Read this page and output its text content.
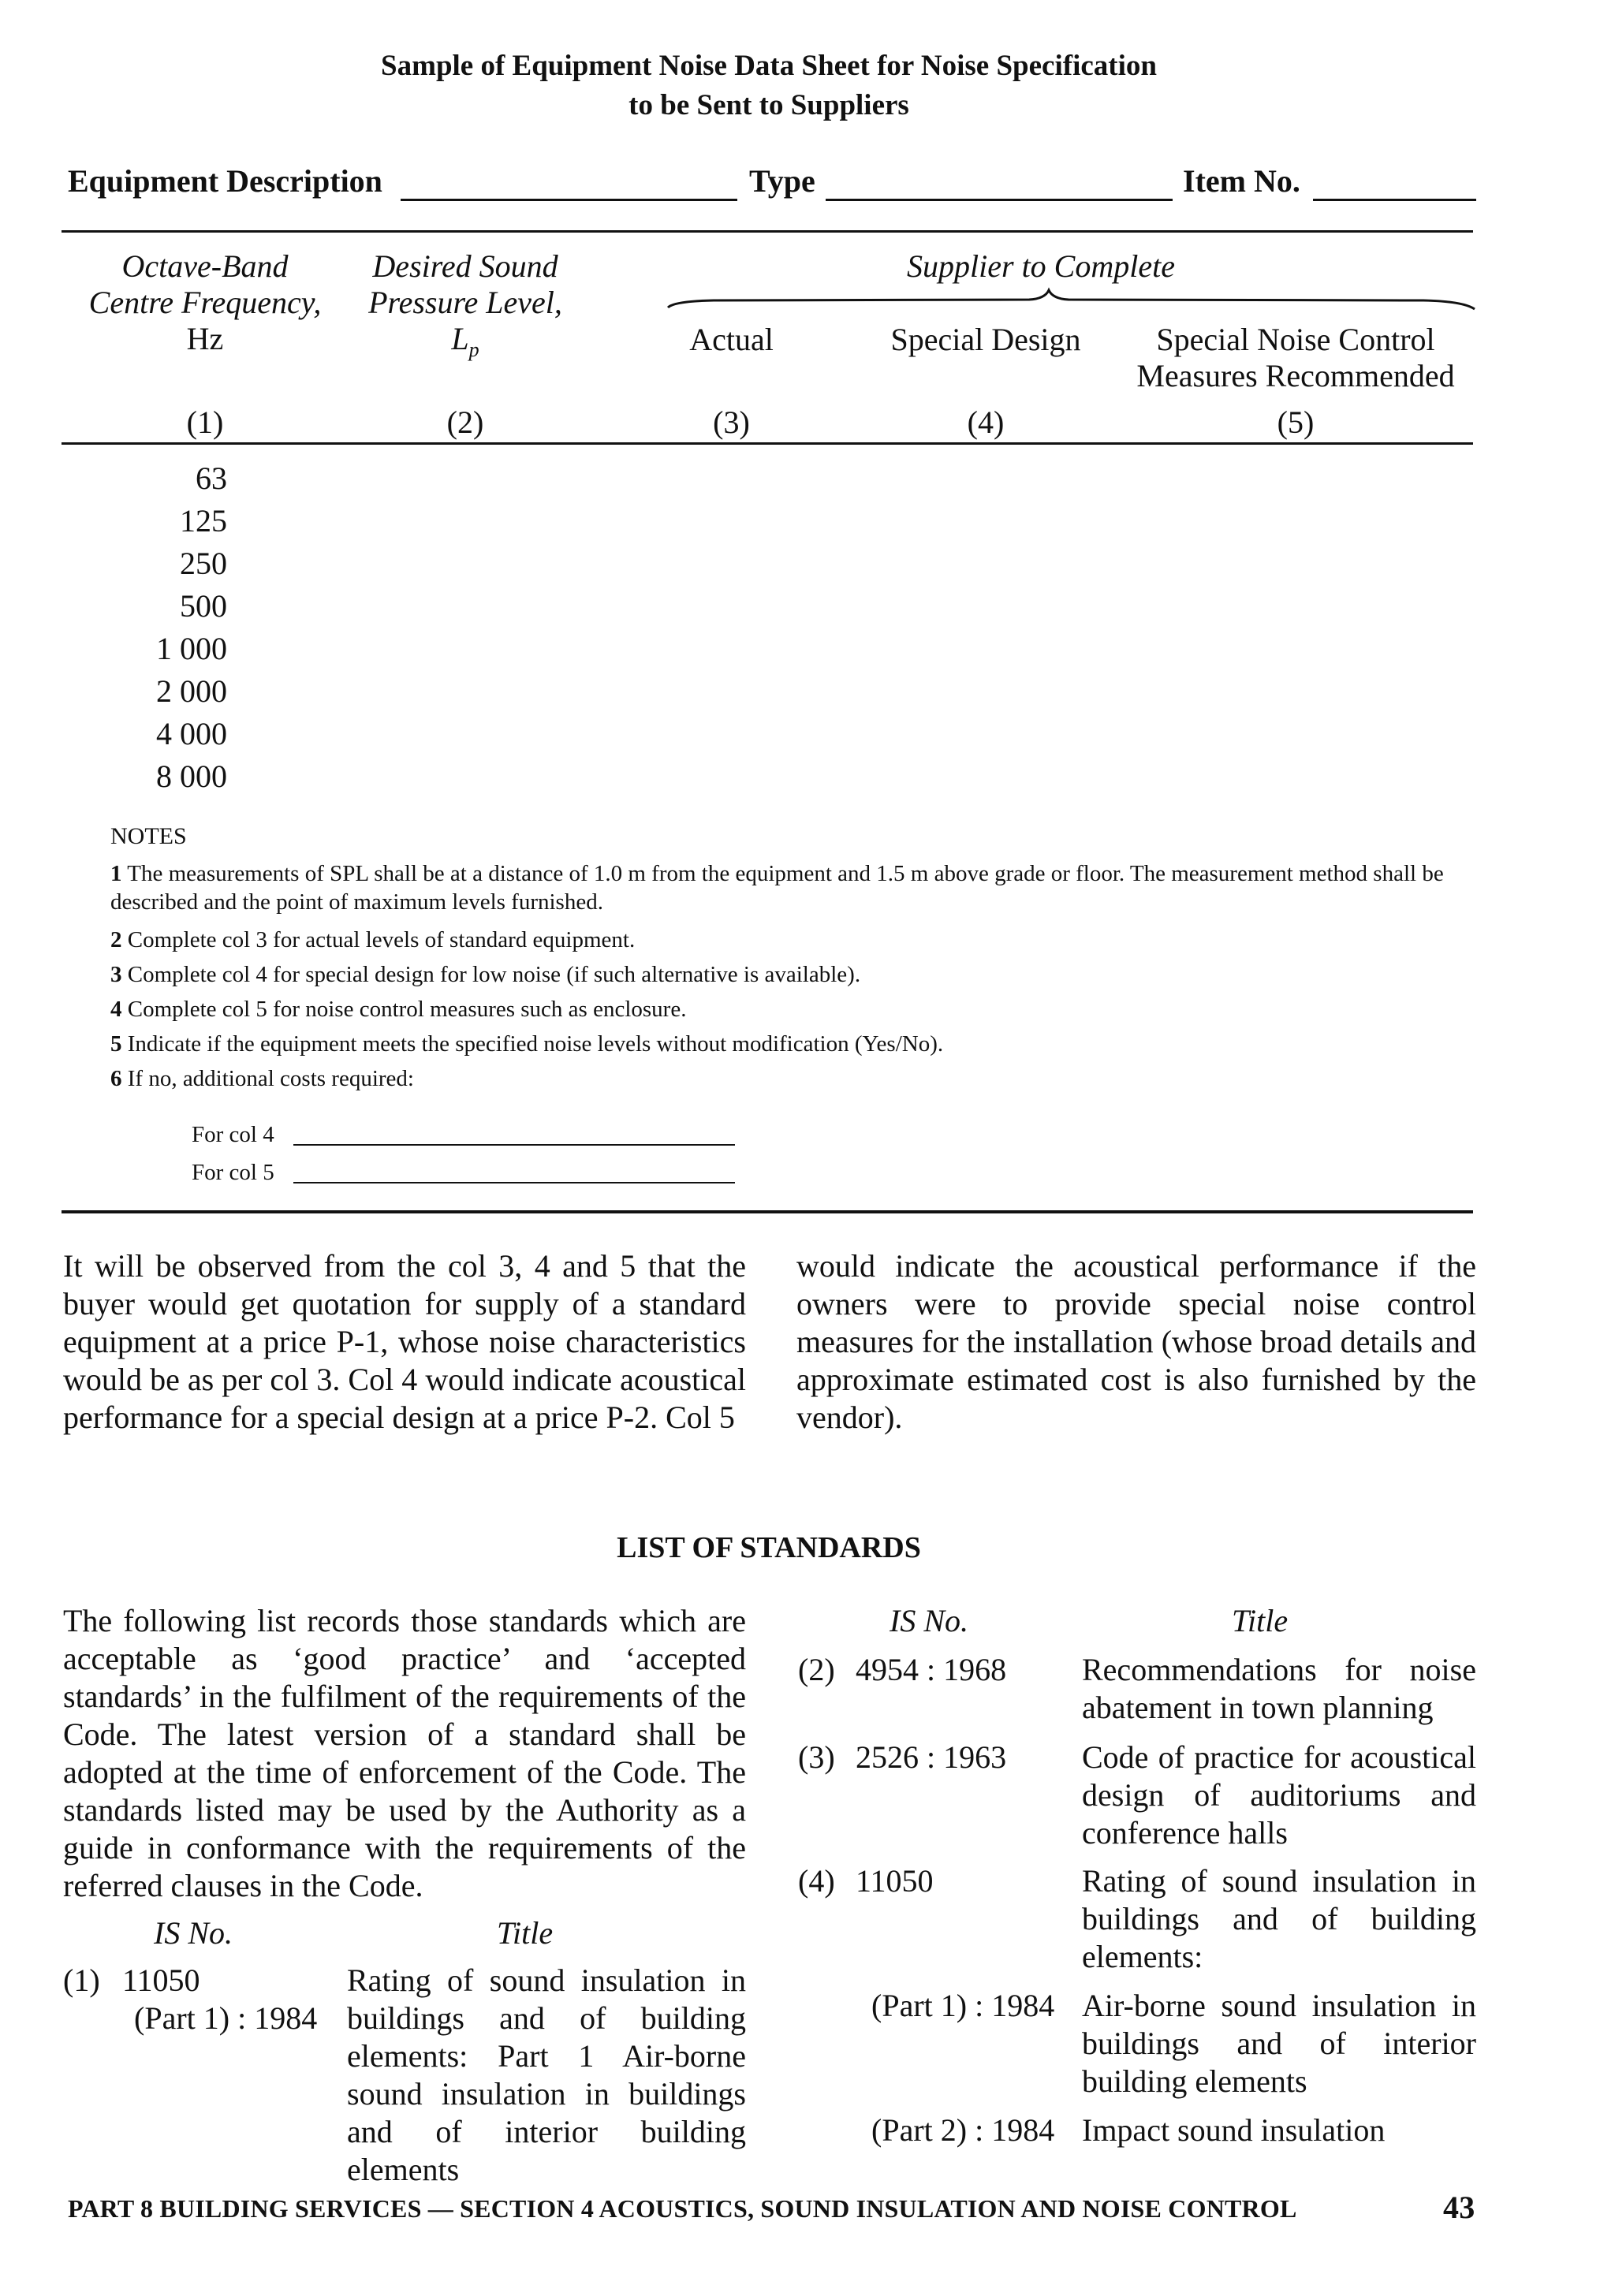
Sample of Equipment Noise Data Sheet for Noise Specification
to be Sent to Suppliers
Equipment Description	Type	Item No.
Octave-Band
Centre Frequency,
Hz
Desired Sound
Pressure Level,
$L_p$
Supplier to Complete
Actual	Special Design	Special Noise Control
Measures Recommended
(1)	(2)	(3)	(4)	(5)
63
125
250
500
1 000
2 000
4 000
8 000
NOTES
1 The measurements of SPL shall be at a distance of 1.0 m from the equipment and 1.5 m above grade or floor. The measurement method shall be described and the point of maximum levels furnished.
2 Complete col 3 for actual levels of standard equipment.
3 Complete col 4 for special design for low noise (if such alternative is available).
4 Complete col 5 for noise control measures such as enclosure.
5 Indicate if the equipment meets the specified noise levels without modification (Yes/No).
6 If no, additional costs required:
For col 4
For col 5
It will be observed from the col 3, 4 and 5 that the buyer would get quotation for supply of a standard equipment at a price P-1, whose noise characteristics would be as per col 3. Col 4 would indicate acoustical performance for a special design at a price P-2. Col 5
would indicate the acoustical performance if the owners were to provide special noise control measures for the installation (whose broad details and approximate estimated cost is also furnished by the vendor).
LIST OF STANDARDS
The following list records those standards which are acceptable as ‘good practice’ and ‘accepted standards’ in the fulfilment of the requirements of the Code. The latest version of a standard shall be adopted at the time of enforcement of the Code. The standards listed may be used by the Authority as a guide in conformance with the requirements of the referred clauses in the Code.
IS No.	Title
(1) 11050
(Part 1) : 1984
Rating of sound insulation in buildings and of building elements: Part 1 Air-borne sound insulation in buildings and of interior building elements
IS No.	Title
(2) 4954 : 1968 Recommendations for noise abatement in town planning
(3) 2526 : 1963 Code of practice for acoustical design of auditoriums and conference halls
(4) 11050	Rating of sound insulation in buildings and of building elements:
(Part 1) : 1984 Air-borne sound insulation in buildings and of interior building elements
(Part 2) : 1984 Impact sound insulation
PART 8 BUILDING SERVICES — SECTION 4 ACOUSTICS, SOUND INSULATION AND NOISE CONTROL	43
